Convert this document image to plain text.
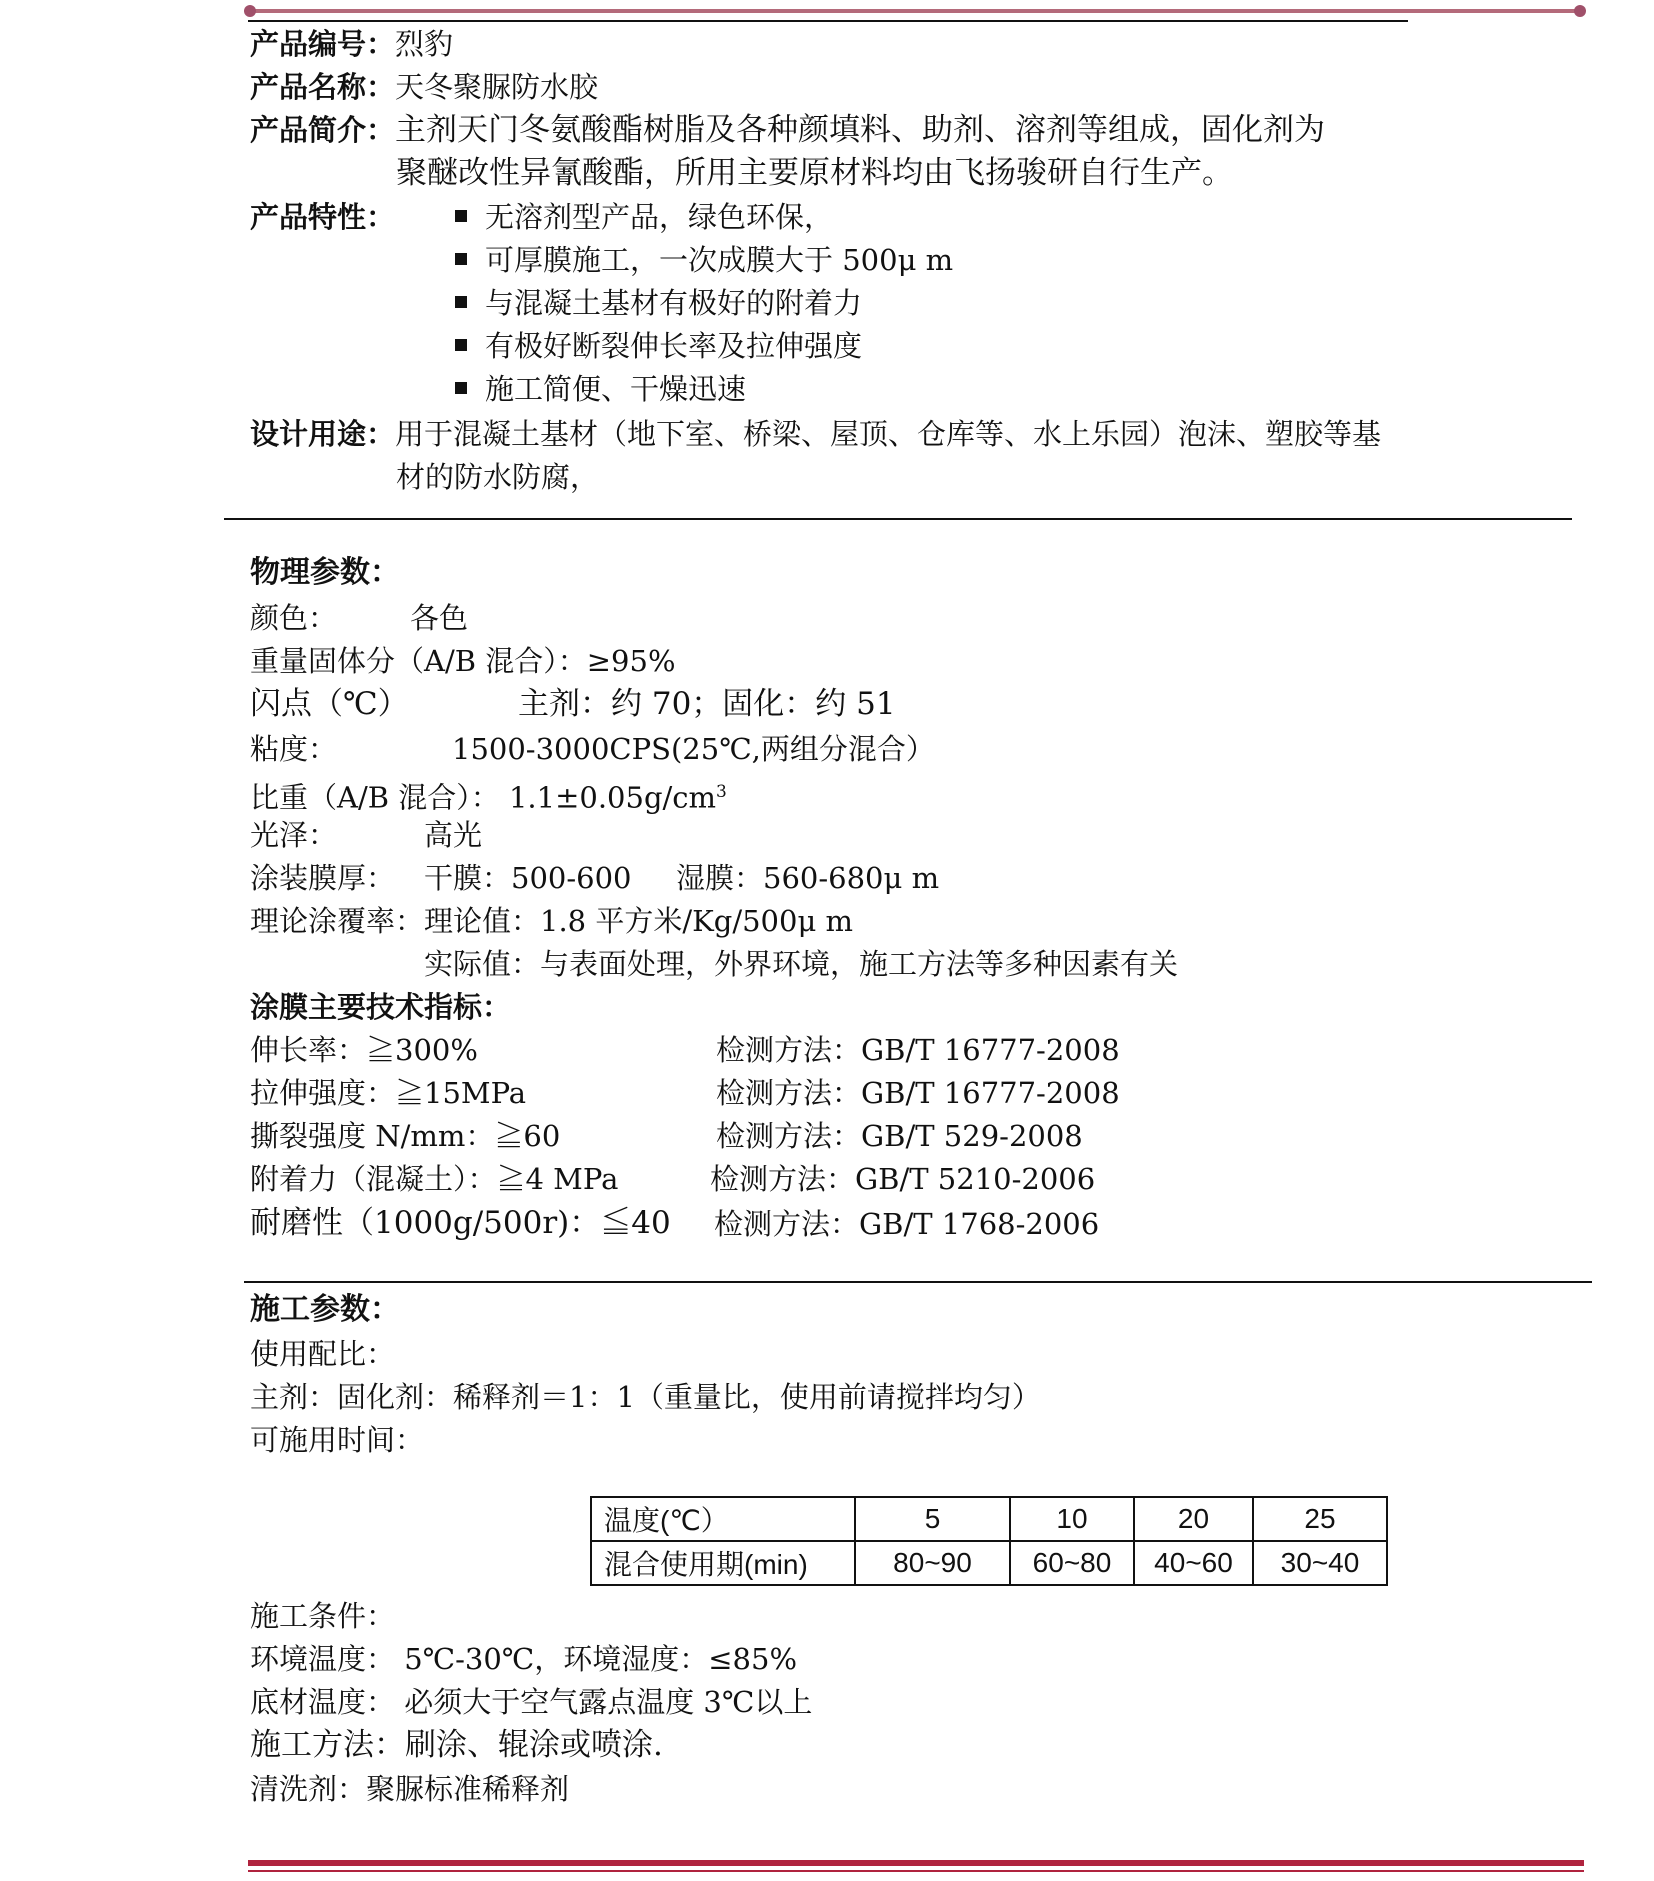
产品编号：烈豹
产品名称：天冬聚脲防水胶
产品简介：主剂天门冬氨酸酯树脂及各种颜填料、助剂、溶剂等组成，固化剂为
聚醚改性异氰酸酯，所用主要原材料均由飞扬骏研自行生产。
产品特性：	无溶剂型产品，绿色环保，
可厚膜施工，一次成膜大于 500μ m
与混凝土基材有极好的附着力
有极好断裂伸长率及拉伸强度
施工简便、干燥迅速
设计用途：用于混凝土基材（地下室、桥梁、屋顶、仓库等、水上乐园）泡沫、塑胶等基
材的防水防腐，
物理参数：
颜色：	各色
重量固体分（A/B 混合）：≥95%
闪点（℃）	主剂：约 70；固化：约 51
粘度：	1500-3000CPS(25℃,两组分混合）
比重（A/B 混合）： $1.1\pm 0.05g/cm^3$
光泽：	高光
涂装膜厚： 干膜：500-600 湿膜：560-680μ m
理论涂覆率： 理论值：1.8 平方米/Kg/500μ m
实际值：与表面处理，外界环境，施工方法等多种因素有关
涂膜主要技术指标：
伸长率：≧300%	检测方法：GB/T 16777-2008
拉伸强度：≧15MPa	检测方法：GB/T 16777-2008
撕裂强度 N/mm：≧60	检测方法：GB/T 529-2008
附着力（混凝土）：≧4 MPa	检测方法：GB/T 5210-2006
耐磨性（1000g/500r)：≦40 检测方法：GB/T 1768-2006
施工参数：
使用配比：
主剂：固化剂：稀释剂＝1：1（重量比，使用前请搅拌均匀）
可施用时间：
温度(℃）	5	10	20	25
混合使用期(min)	80~90	60~80	40~60	30~40
施工条件：
环境温度： 5℃-30℃，环境湿度：≤85%
底材温度： 必须大于空气露点温度 3℃以上
施工方法：刷涂、辊涂或喷涂.
清洗剂：聚脲标准稀释剂
